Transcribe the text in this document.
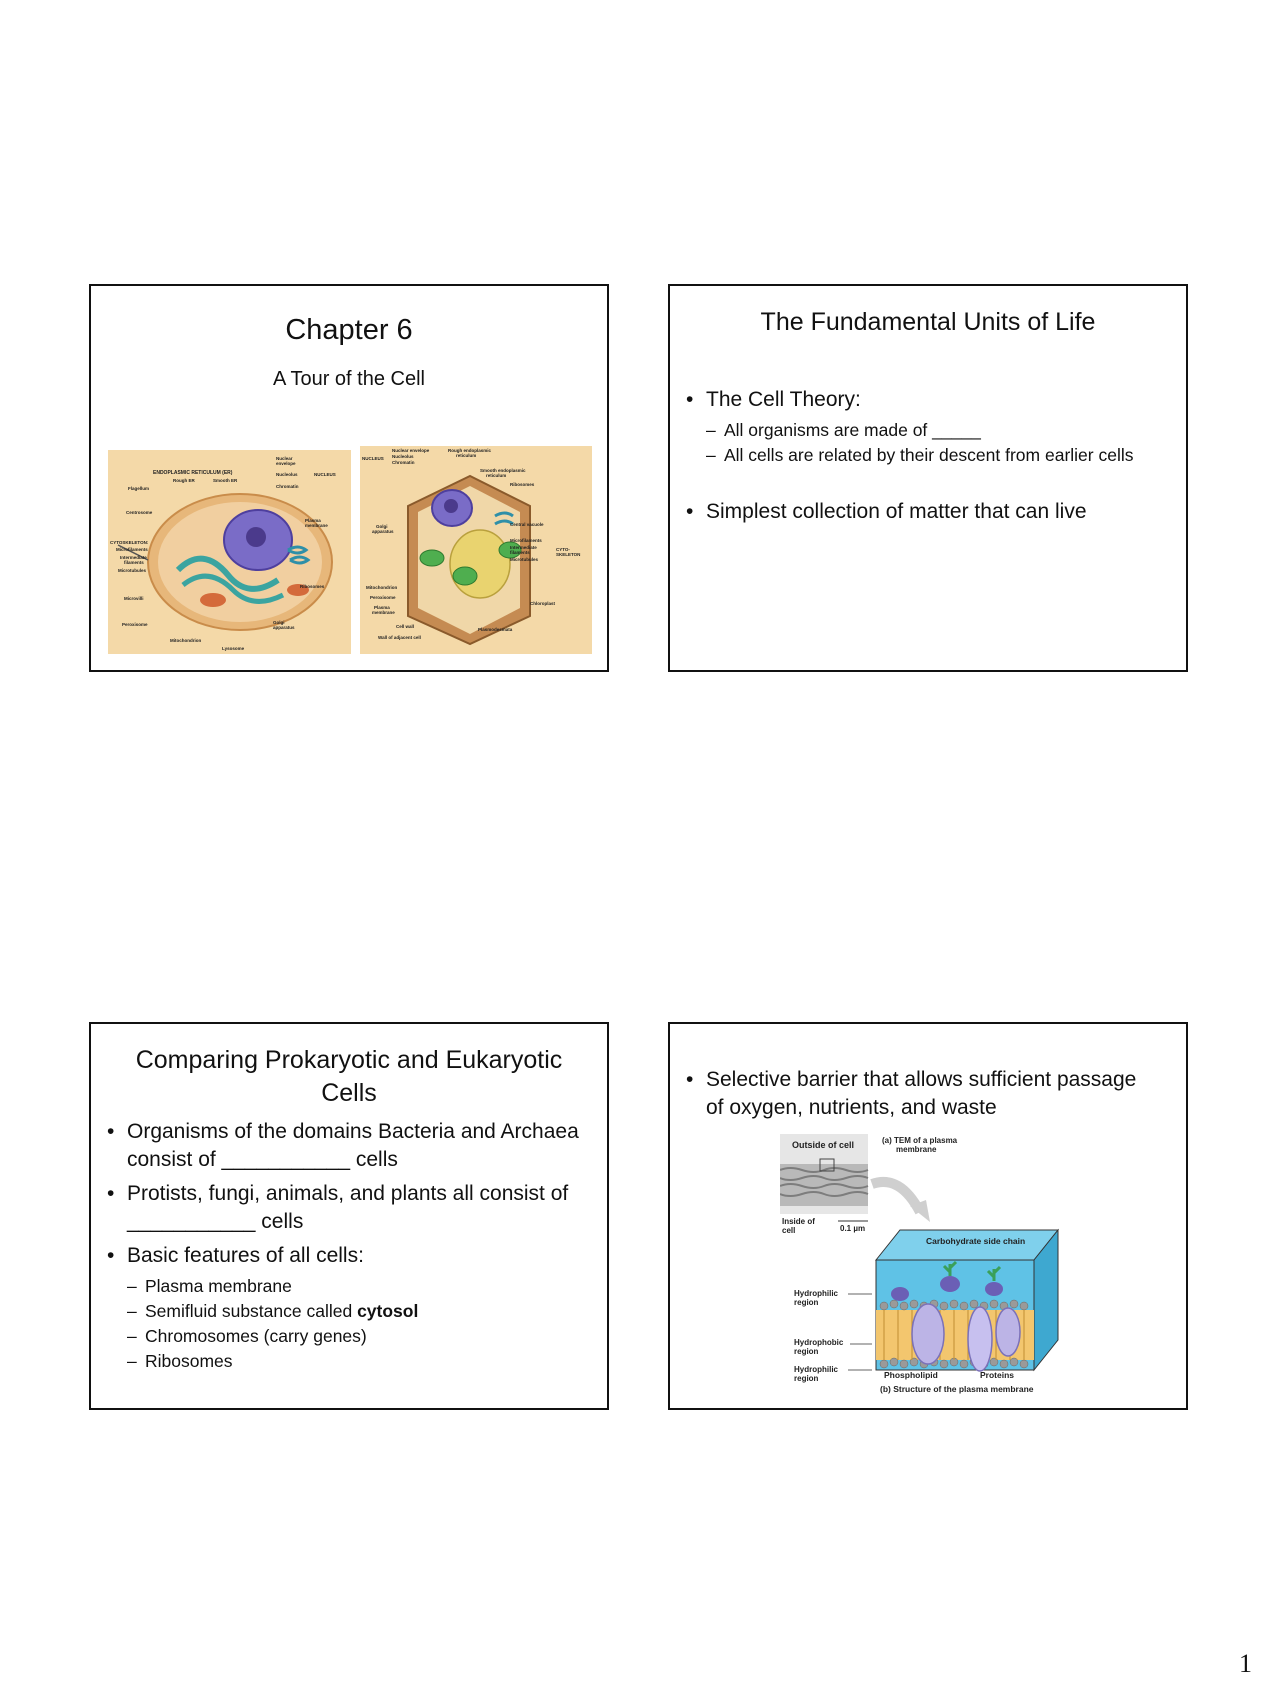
Chapter 6
A Tour of the Cell
ENDOPLASMIC RETICULUM (ER)
Rough ER	Smooth ER
Flagellum
Centrosome
CYTOSKELETON:
Microfilaments
Intermediate
filaments
Microtubules
Microvilli
Peroxisome
Mitochondrion
Lysosome
Nuclear
envelope
Nucleolus	NUCLEUS
Chromatin
Plasma
membrane
Ribosomes
Golgi
apparatus
Nuclear envelope
Nucleolus
Chromatin
NUCLEUS
Rough endoplasmic
reticulum
Smooth endoplasmic
reticulum
Ribosomes
Central vacuole
Microfilaments
Intermediate
filaments
Microtubules
CYTO-
SKELETON
Golgi
apparatus
Mitochondrion
Peroxisome
Plasma
membrane
Cell wall
Wall of adjacent cell
Chloroplast
Plasmodesmata
The Fundamental Units of Life
• The Cell Theory:
– All organisms are made of _____
– All cells are related by their descent from earlier cells
• Simplest collection of matter that can live
Comparing Prokaryotic and Eukaryotic Cells
• Organisms of the domains Bacteria and Archaea consist of ___________ cells
• Protists, fungi, animals, and plants all consist of ___________ cells
• Basic features of all cells:
– Plasma membrane
– Semifluid substance called cytosol
– Chromosomes (carry genes)
– Ribosomes
• Selective barrier that allows sufficient passage of oxygen, nutrients, and waste
Outside of cell
Inside of
cell	0.1 µm
(a) TEM of a plasma
membrane
Carbohydrate side chain
Hydrophilic
region
Hydrophobic
region
Hydrophilic
region	Phospholipid	Proteins
(b) Structure of the plasma membrane
1
